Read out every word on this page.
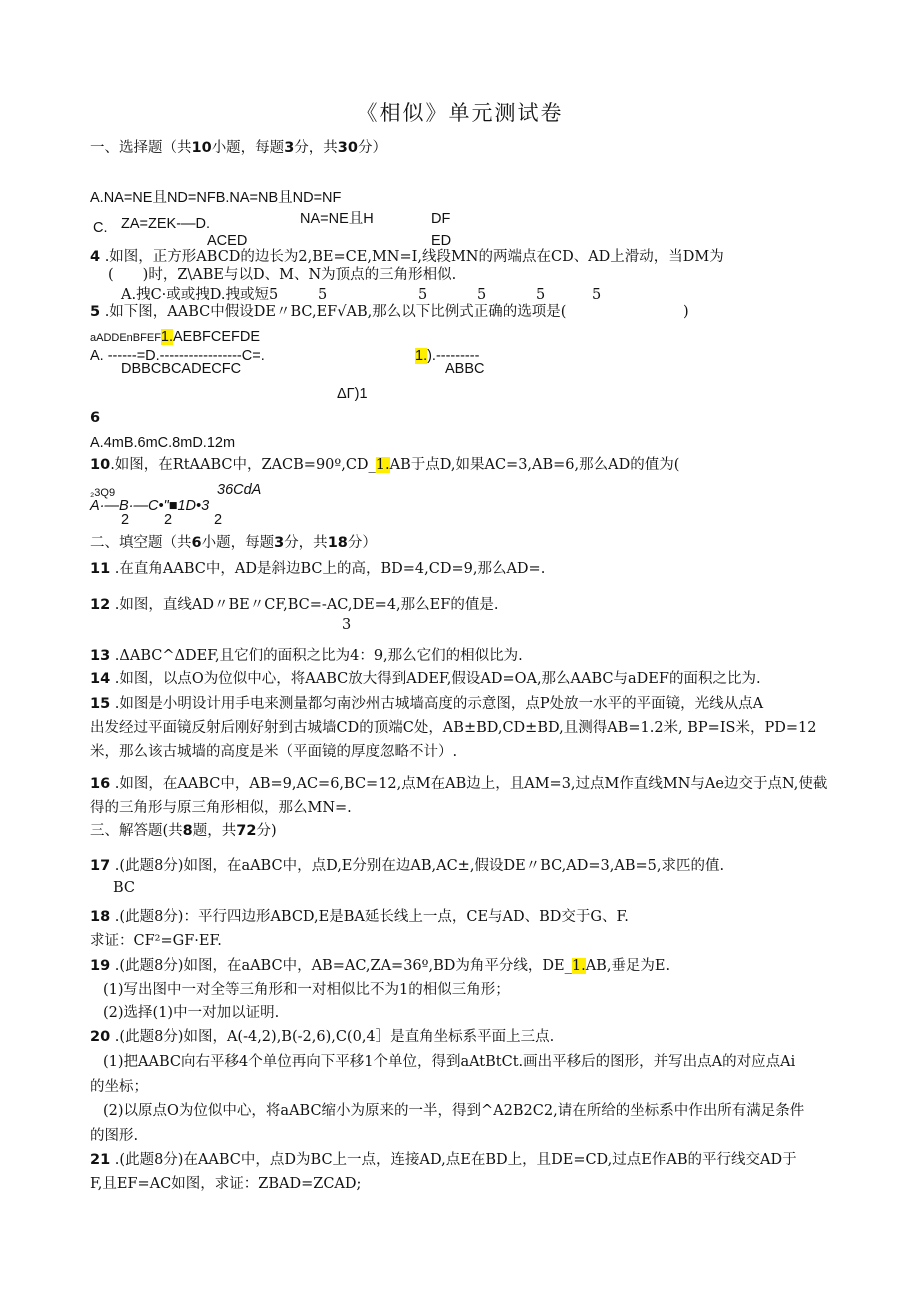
《相似》单元测试卷
一、选择题（共10小题，每题3分，共30分）
A.NA=NE且ND=NFB.NA=NB且ND=NF
C. ZA=ZEK-—D.	NA=NE且H	DF
ACED	ED
4 .如图，正方形ABCD的边长为2,BE=CE,MN=I,线段MN的两端点在CD、AD上滑动，当DM为
(　　)时，Z\ABE与以D、M、N为顶点的三角形相似.
A.拽C·或或拽D.拽或短5	5	5	5	5	5
5 .如下图，AABC中假设DE〃BC,EF√AB,那么以下比例式正确的选项是(	)
aADDEnBFEF1.AEBFCEFDE
A. ------=D.-----------------C=.	1.).---------
DBBCBCADECFC	ABBC
ΔΓ)1
6
A.4mB.6mC.8mD.12m
10.如图，在RtAABC中，ZACB=90º,CD_1.AB于点D,如果AC=3,AB=6,那么AD的值为(
₂3Q9	36CdA
A·—B·—C•"■1D•3
2 2	2
二、填空题（共6小题，每题3分，共18分）
11 .在直角AABC中，AD是斜边BC上的高，BD=4,CD=9,那么AD=.
12 .如图，直线AD〃BE〃CF,BC=-AC,DE=4,那么EF的值是.
3
13 .ΔABC^ΔDEF,且它们的面积之比为4：9,那么它们的相似比为.
14 .如图，以点O为位似中心，将AABC放大得到ADEF,假设AD=OA,那么AABC与aDEF的面积之比为.
15 .如图是小明设计用手电来测量都匀南沙州古城墙高度的示意图，点P处放一水平的平面镜，光线从点A
出发经过平面镜反射后刚好射到古城墙CD的顶端C处，AB±BD,CD±BD,且测得AB=1.2米, BP=IS米，PD=12
米，那么该古城墙的高度是米（平面镜的厚度忽略不计）.
16 .如图，在AABC中，AB=9,AC=6,BC=12,点M在AB边上，且AM=3,过点M作直线MN与Ae边交于点N,使截
得的三角形与原三角形相似，那么MN=.
三、解答题(共8题，共72分)
17 .(此题8分)如图，在aABC中，点D,E分别在边AB,AC±,假设DE〃BC,AD=3,AB=5,求匹的值.
BC
18 .(此题8分)：平行四边形ABCD,E是BA延长线上一点，CE与AD、BD交于G、F.
求证：CF²=GF·EF.
19 .(此题8分)如图，在aABC中，AB=AC,ZA=36º,BD为角平分线，DE_1.AB,垂足为E.
(1)写出图中一对全等三角形和一对相似比不为1的相似三角形；
(2)选择(1)中一对加以证明.
20 .(此题8分)如图，A(-4,2),B(-2,6),C(0,4］是直角坐标系平面上三点.
(1)把AABC向右平移4个单位再向下平移1个单位，得到aAtBtCt.画出平移后的图形，并写出点A的对应点Ai
的坐标；
(2)以原点O为位似中心，将aABC缩小为原来的一半，得到^A2B2C2,请在所给的坐标系中作出所有满足条件
的图形.
21 .(此题8分)在AABC中，点D为BC上一点，连接AD,点E在BD上，且DE=CD,过点E作AB的平行线交AD于
F,且EF=AC如图，求证：ZBAD=ZCAD;
